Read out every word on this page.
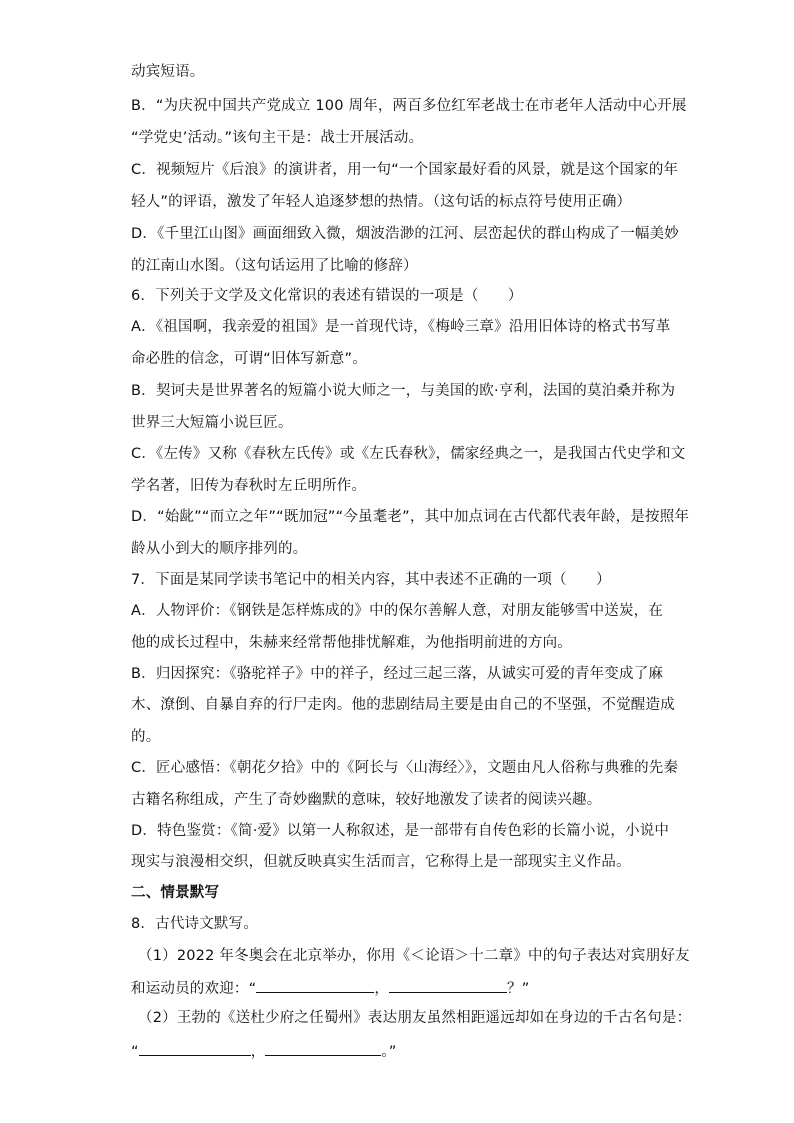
动宾短语。
B．“为庆祝中国共产党成立 100 周年，两百多位红军老战士在市老年人活动中心开展
“学党史’活动。”该句主干是：战士开展活动。
C．视频短片《后浪》的演讲者，用一句“一个国家最好看的风景，就是这个国家的年
轻人”的评语，激发了年轻人追逐梦想的热情。（这句话的标点符号使用正确）
D．《千里江山图》画面细致入微，烟波浩渺的江河、层峦起伏的群山构成了一幅美妙
的江南山水图。（这句话运用了比喻的修辞）
6．下列关于文学及文化常识的表述有错误的一项是（　　）
A．《祖国啊，我亲爱的祖国》是一首现代诗，《梅岭三章》沿用旧体诗的格式书写革
命必胜的信念，可谓“旧体写新意”。
B．契诃夫是世界著名的短篇小说大师之一，与美国的欧·亨利，法国的莫泊桑并称为
世界三大短篇小说巨匠。
C．《左传》又称《春秋左氏传》或《左氏春秋》，儒家经典之一，是我国古代史学和文
学名著，旧传为春秋时左丘明所作。
D．“始龀”“而立之年”“既加冠”“今虽耄老”，其中加点词在古代都代表年龄，是按照年
龄从小到大的顺序排列的。
7．下面是某同学读书笔记中的相关内容，其中表述不正确的一项（　　）
A．人物评价：《钢铁是怎样炼成的》中的保尔善解人意，对朋友能够雪中送炭，在
他的成长过程中，朱赫来经常帮他排忧解难，为他指明前进的方向。
B．归因探究：《骆驼祥子》中的祥子，经过三起三落，从诚实可爱的青年变成了麻
木、潦倒、自暴自弃的行尸走肉。他的悲剧结局主要是由自己的不坚强，不觉醒造成
的。
C．匠心感悟：《朝花夕拾》中的《阿长与〈山海经〉》，文题由凡人俗称与典雅的先秦
古籍名称组成，产生了奇妙幽默的意味，较好地激发了读者的阅读兴趣。
D．特色鉴赏：《简·爱》以第一人称叙述，是一部带有自传色彩的长篇小说，小说中
现实与浪漫相交织，但就反映真实生活而言，它称得上是一部现实主义作品。
二、情景默写
8．古代诗文默写。
（1）2022 年冬奥会在北京举办，你用《＜论语＞十二章》中的句子表达对宾朋好友
和运动员的欢迎：“	，	？”
（2）王勃的《送杜少府之任蜀州》表达朋友虽然相距遥远却如在身边的千古名句是：
“	，	。”
